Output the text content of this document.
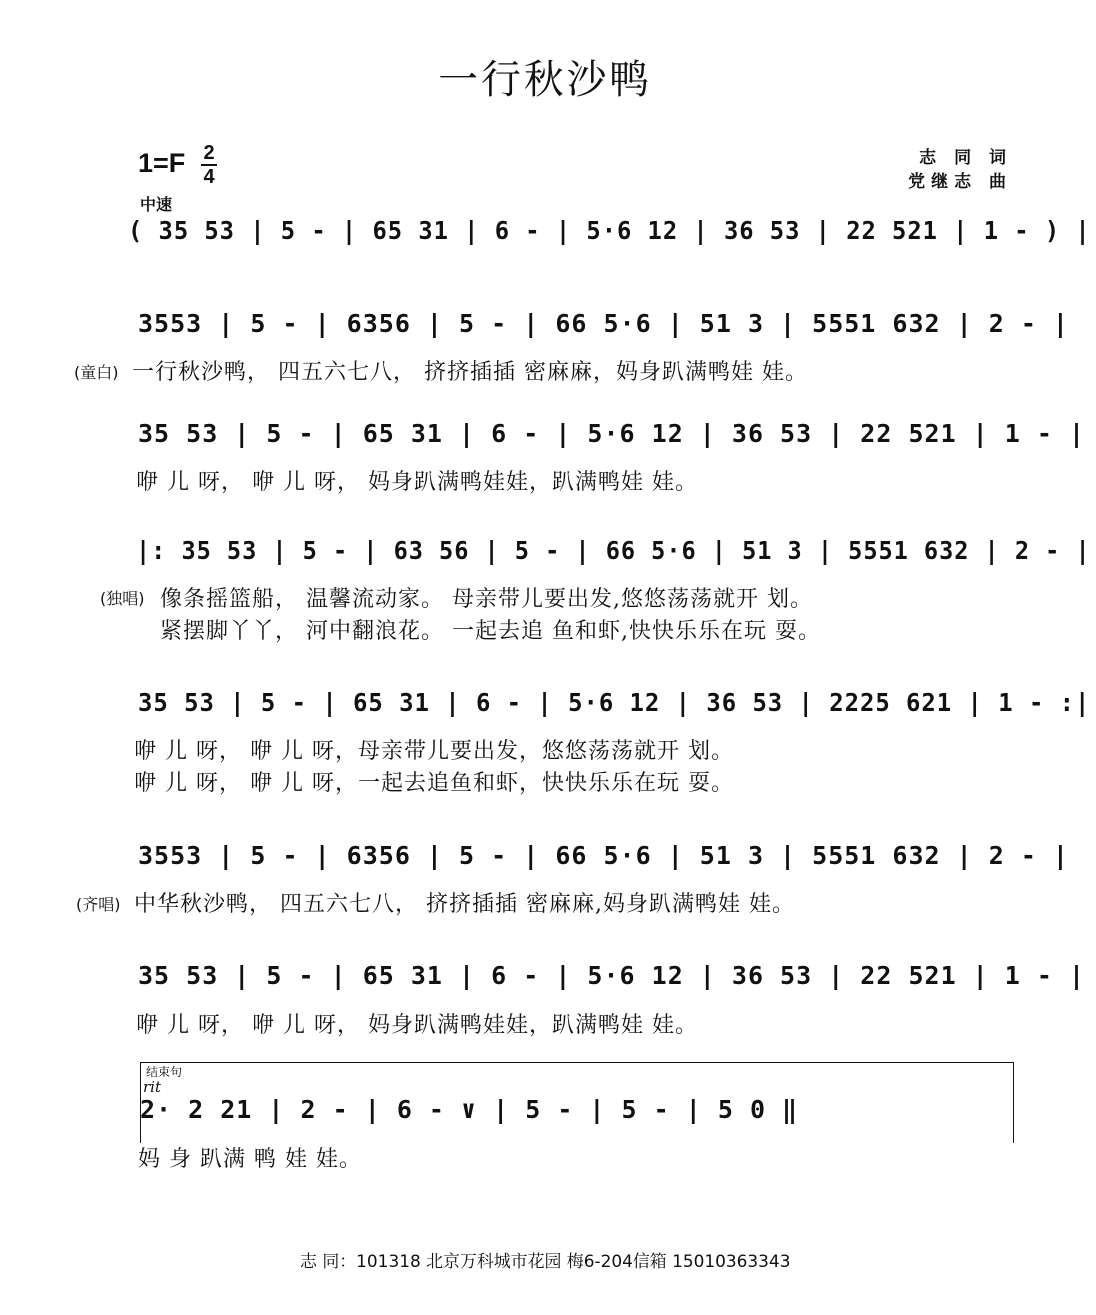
一行秋沙鸭
1=F 2
4
中速
志 同 词
党继志 曲
( 35 53 | 5 - | 65 31 | 6 - | 5·6 12 | 36 53 | 22 521 | 1 - ) |
3553 | 5 - | 6356 | 5 - | 66 5·6 | 51 3 | 5551 632 | 2 - |
(童白) 一行秋沙鸭， 四五六七八， 挤挤插插 密麻麻，妈身趴满鸭娃 娃。
35 53 | 5 - | 65 31 | 6 - | 5·6 12 | 36 53 | 22 521 | 1 - |
咿 儿 呀， 咿 儿 呀， 妈身趴满鸭娃娃，趴满鸭娃 娃。
|: 35 53 | 5 - | 63 56 | 5 - | 66 5·6 | 51 3 | 5551 632 | 2 - |
(独唱) 像条摇篮船， 温馨流动家。 母亲带儿要出发,悠悠荡荡就开 划。
紧摆脚丫丫， 河中翻浪花。 一起去追 鱼和虾,快快乐乐在玩 耍。
35 53 | 5 - | 65 31 | 6 - | 5·6 12 | 36 53 | 2225 621 | 1 - :|
咿 儿 呀， 咿 儿 呀，母亲带儿要出发，悠悠荡荡就开 划。
咿 儿 呀， 咿 儿 呀，一起去追鱼和虾，快快乐乐在玩 耍。
3553 | 5 - | 6356 | 5 - | 66 5·6 | 51 3 | 5551 632 | 2 - |
(齐唱) 中华秋沙鸭， 四五六七八， 挤挤插插 密麻麻,妈身趴满鸭娃 娃。
35 53 | 5 - | 65 31 | 6 - | 5·6 12 | 36 53 | 22 521 | 1 - |
咿 儿 呀， 咿 儿 呀， 妈身趴满鸭娃娃，趴满鸭娃 娃。
结束句
rit
2· 2 21 | 2 - | 6 - ∨ | 5 - | 5 - | 5 0 ‖
妈 身 趴满 鸭 娃 娃。
志 同：101318 北京万科城市花园 梅6-204信箱 15010363343
